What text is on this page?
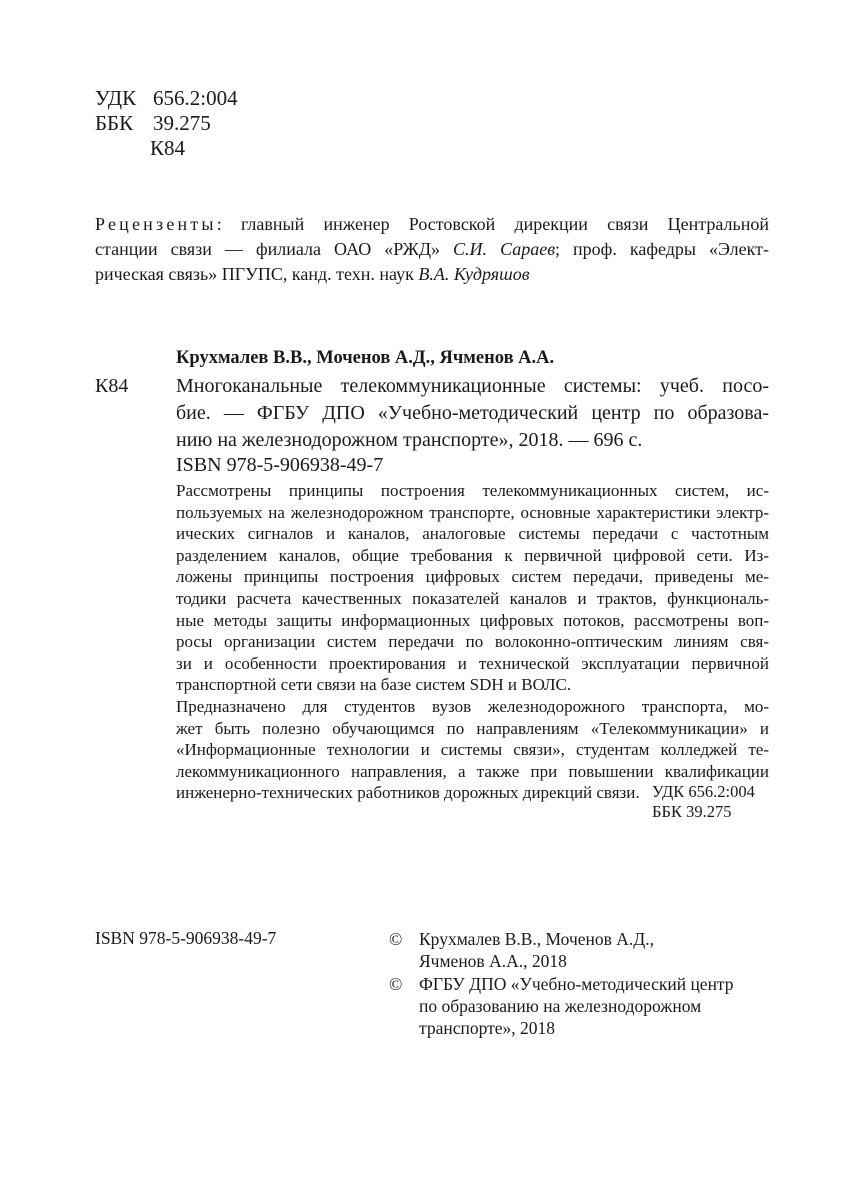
УДК 656.2:004
ББК 39.275
К84
Рецензенты: главный инженер Ростовской дирекции связи Центральной
станции связи — филиала ОАО «РЖД» С.И. Сараев; проф. кафедры «Элект-
рическая связь» ПГУПС, канд. техн. наук В.А. Кудряшов
Крухмалев В.В., Моченов А.Д., Ячменов А.А.
К84 Многоканальные телекоммуникационные системы: учеб. посо-
бие. — ФГБУ ДПО «Учебно-методический центр по образова-
нию на железнодорожном транспорте», 2018. — 696 с.
ISBN 978-5-906938-49-7
Рассмотрены принципы построения телекоммуникационных систем, ис-
пользуемых на железнодорожном транспорте, основные характеристики электр-
ических сигналов и каналов, аналоговые системы передачи с частотным
разделением каналов, общие требования к первичной цифровой сети. Из-
ложены принципы построения цифровых систем передачи, приведены ме-
тодики расчета качественных показателей каналов и трактов, функциональ-
ные методы защиты информационных цифровых потоков, рассмотрены воп-
росы организации систем передачи по волоконно-оптическим линиям свя-
зи и особенности проектирования и технической эксплуатации первичной
транспортной сети связи на базе систем SDH и ВОЛС.
Предназначено для студентов вузов железнодорожного транспорта, мо-
жет быть полезно обучающимся по направлениям «Телекоммуникации» и
«Информационные технологии и системы связи», студентам колледжей те-
лекоммуникационного направления, а также при повышении квалификации
инженерно-технических работников дорожных дирекций связи. УДК 656.2:004
ББК 39.275
ISBN 978-5-906938-49-7	© Крухмалев В.В., Моченов А.Д.,
Ячменов А.А., 2018
© ФГБУ ДПО «Учебно-методический центр
по образованию на железнодорожном
транспорте», 2018
